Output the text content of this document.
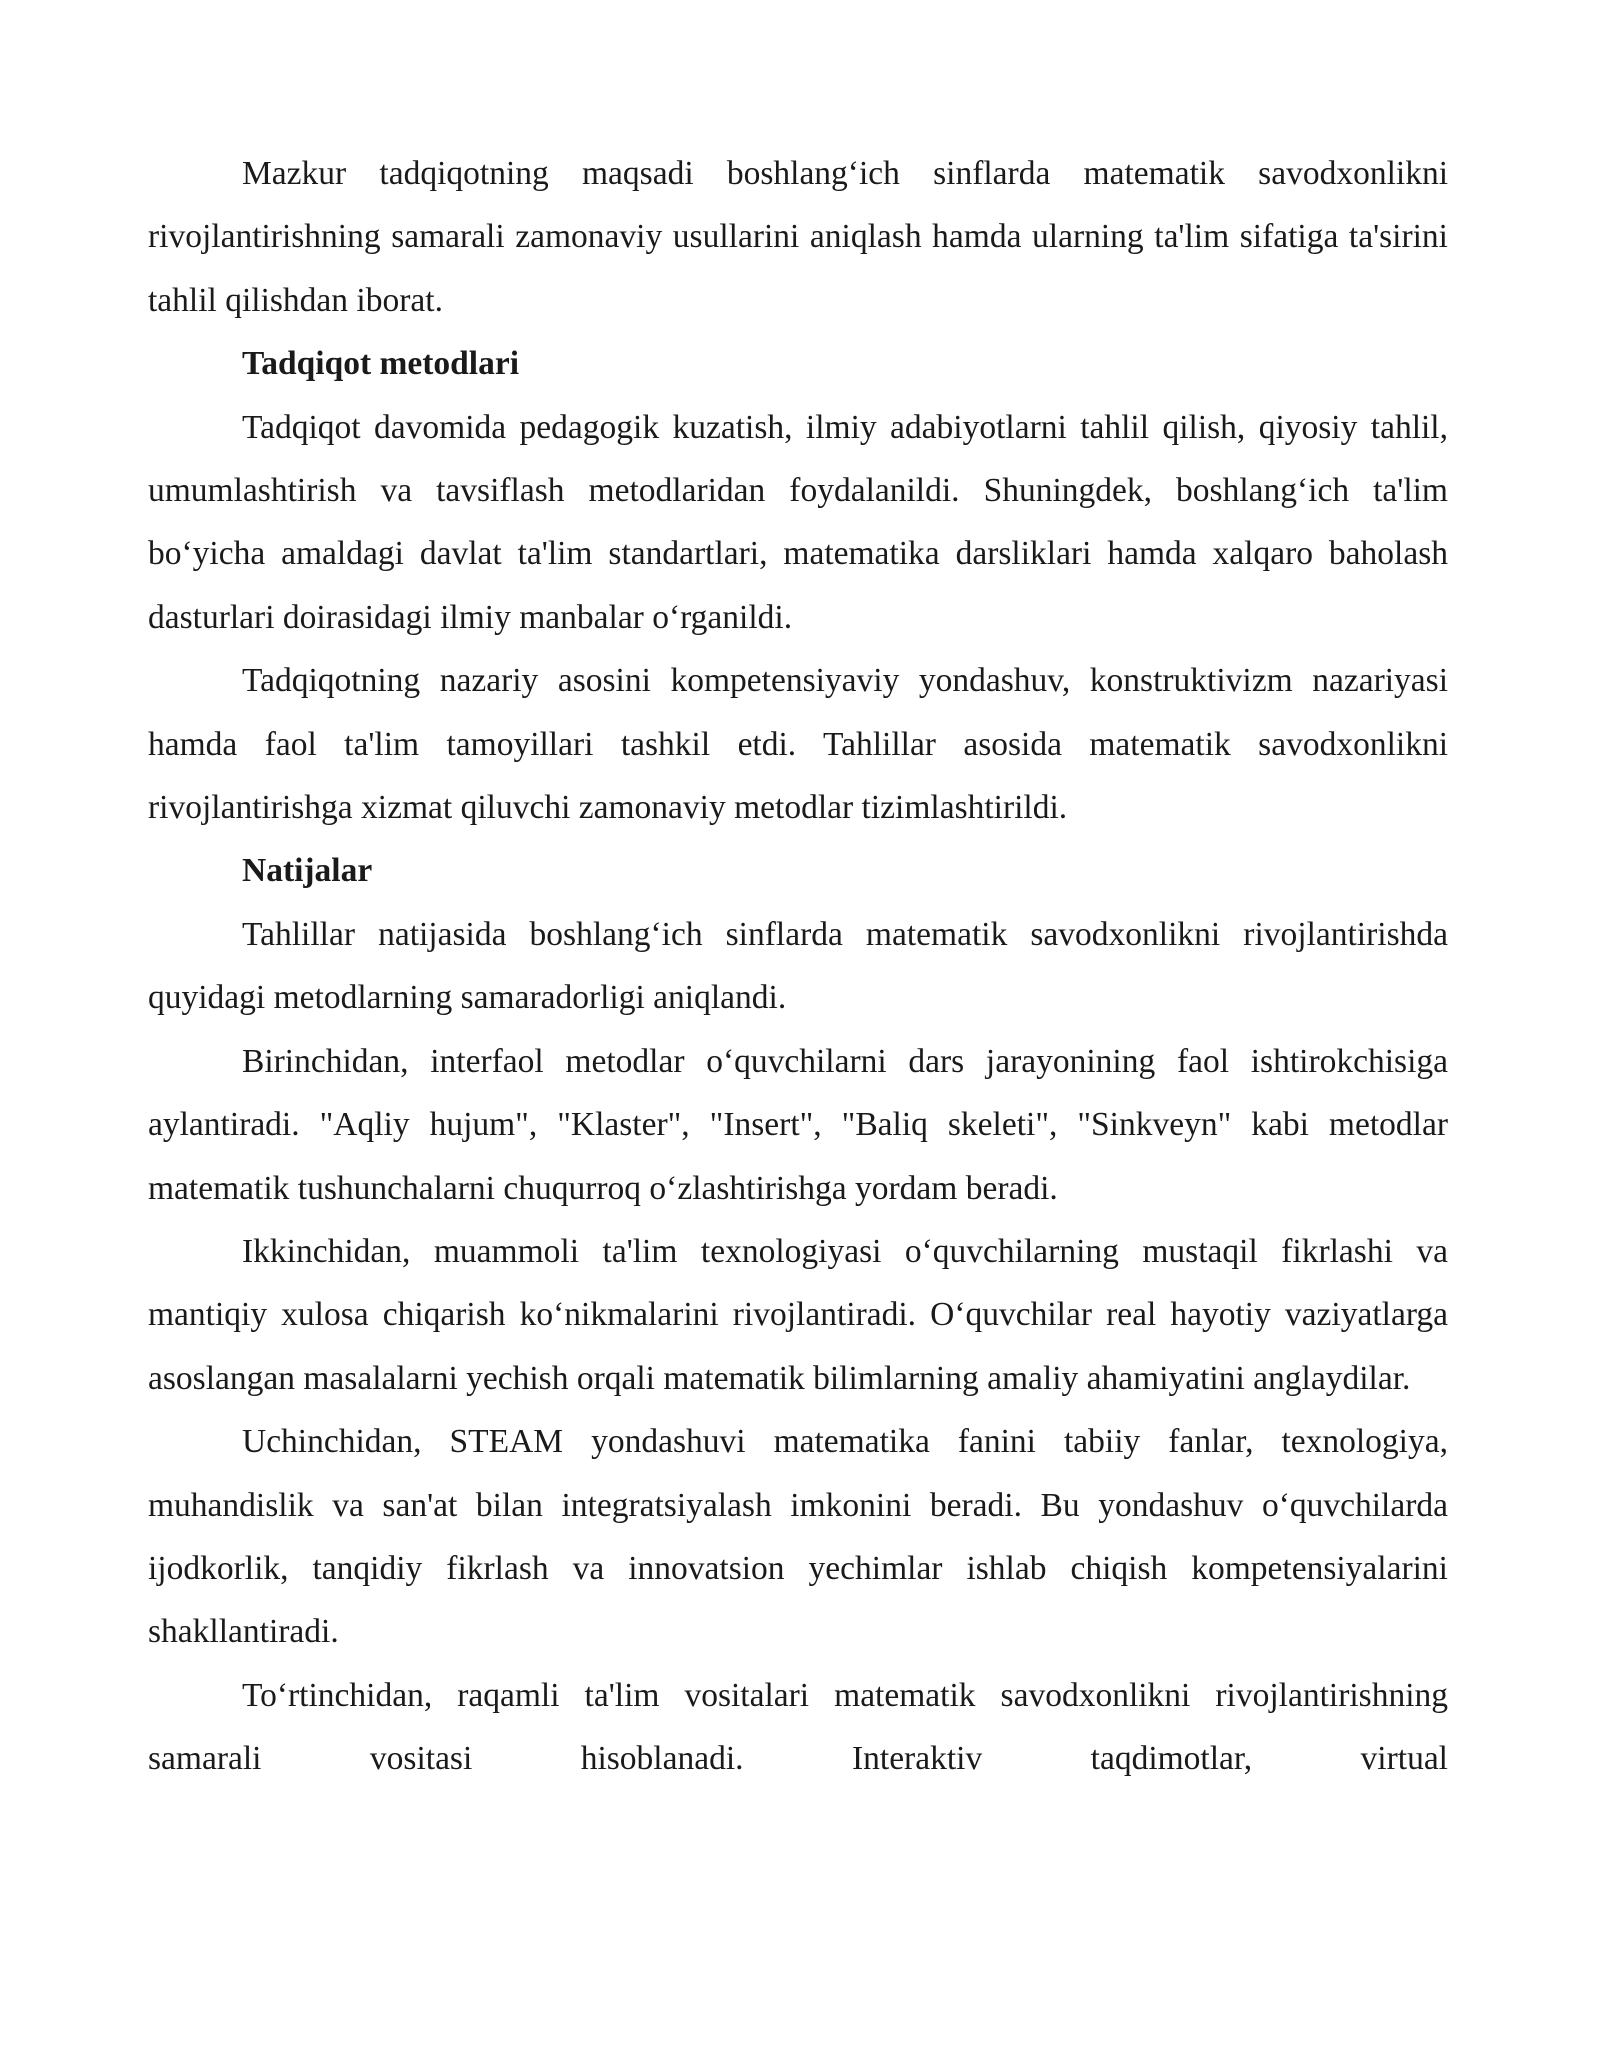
Mazkur tadqiqotning maqsadi boshlang‘ich sinflarda matematik savodxonlikni rivojlantirishning samarali zamonaviy usullarini aniqlash hamda ularning ta'lim sifatiga ta'sirini tahlil qilishdan iborat.

Tadqiqot metodlari

Tadqiqot davomida pedagogik kuzatish, ilmiy adabiyotlarni tahlil qilish, qiyosiy tahlil, umumlashtirish va tavsiflash metodlaridan foydalanildi. Shuningdek, boshlang‘ich ta'lim bo‘yicha amaldagi davlat ta'lim standartlari, matematika darsliklari hamda xalqaro baholash dasturlari doirasidagi ilmiy manbalar o‘rganildi.

Tadqiqotning nazariy asosini kompetensiyaviy yondashuv, konstruktivizm nazariyasi hamda faol ta'lim tamoyillari tashkil etdi. Tahlillar asosida matematik savodxonlikni rivojlantirishga xizmat qiluvchi zamonaviy metodlar tizimlashtirildi.

Natijalar

Tahlillar natijasida boshlang‘ich sinflarda matematik savodxonlikni rivojlantirishda quyidagi metodlarning samaradorligi aniqlandi.

Birinchidan, interfaol metodlar o‘quvchilarni dars jarayonining faol ishtirokchisiga aylantiradi. "Aqliy hujum", "Klaster", "Insert", "Baliq skeleti", "Sinkveyn" kabi metodlar matematik tushunchalarni chuqurroq o‘zlashtirishga yordam beradi.

Ikkinchidan, muammoli ta'lim texnologiyasi o‘quvchilarning mustaqil fikrlashi va mantiqiy xulosa chiqarish ko‘nikmalarini rivojlantiradi. O‘quvchilar real hayotiy vaziyatlarga asoslangan masalalarni yechish orqali matematik bilimlarning amaliy ahamiyatini anglaydilar.

Uchinchidan, STEAM yondashuvi matematika fanini tabiiy fanlar, texnologiya, muhandislik va san'at bilan integratsiyalash imkonini beradi. Bu yondashuv o‘quvchilarda ijodkorlik, tanqidiy fikrlash va innovatsion yechimlar ishlab chiqish kompetensiyalarini shakllantiradi.

To‘rtinchidan, raqamli ta'lim vositalari matematik savodxonlikni rivojlantirishning samarali vositasi hisoblanadi. Interaktiv taqdimotlar, virtual
